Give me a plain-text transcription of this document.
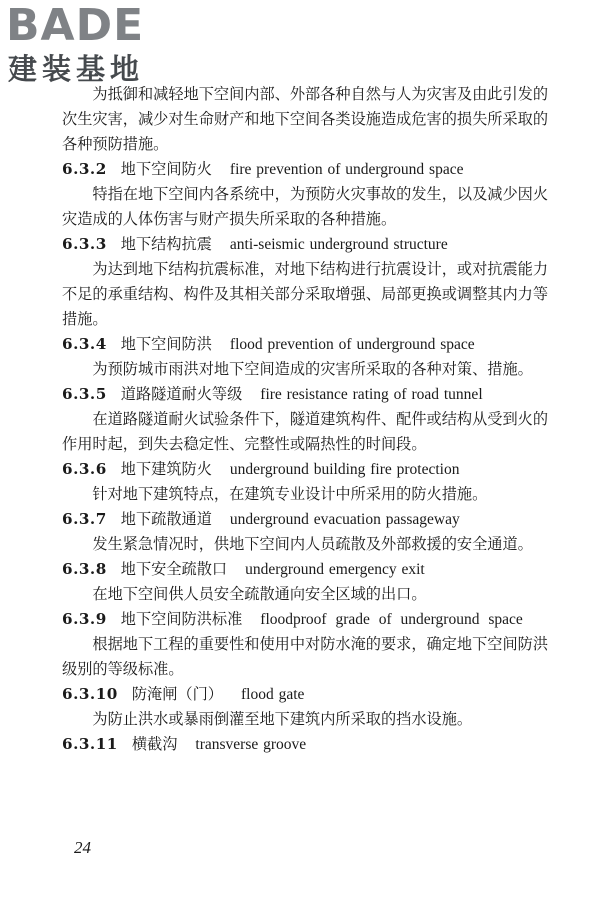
BADE
建装基地

为抵御和减轻地下空间内部、外部各种自然与人为灾害及由此引发的次生灾害，减少对生命财产和地下空间各类设施造成危害的损失所采取的各种预防措施。

6.3.2 地下空间防火 fire prevention of underground space

特指在地下空间内各系统中，为预防火灾事故的发生，以及减少因火灾造成的人体伤害与财产损失所采取的各种措施。

6.3.3 地下结构抗震 anti-seismic underground structure

为达到地下结构抗震标准，对地下结构进行抗震设计，或对抗震能力不足的承重结构、构件及其相关部分采取增强、局部更换或调整其内力等措施。

6.3.4 地下空间防洪 flood prevention of underground space

为预防城市雨洪对地下空间造成的灾害所采取的各种对策、措施。

6.3.5 道路隧道耐火等级 fire resistance rating of road tunnel

在道路隧道耐火试验条件下，隧道建筑构件、配件或结构从受到火的作用时起，到失去稳定性、完整性或隔热性的时间段。

6.3.6 地下建筑防火 underground building fire protection

针对地下建筑特点，在建筑专业设计中所采用的防火措施。

6.3.7 地下疏散通道 underground evacuation passageway

发生紧急情况时，供地下空间内人员疏散及外部救援的安全通道。

6.3.8 地下安全疏散口 underground emergency exit

在地下空间供人员安全疏散通向安全区域的出口。

6.3.9 地下空间防洪标准 floodproof grade of underground space

根据地下工程的重要性和使用中对防水淹的要求，确定地下空间防洪级别的等级标准。

6.3.10 防淹闸（门） flood gate

为防止洪水或暴雨倒灌至地下建筑内所采取的挡水设施。

6.3.11 横截沟 transverse groove

24
